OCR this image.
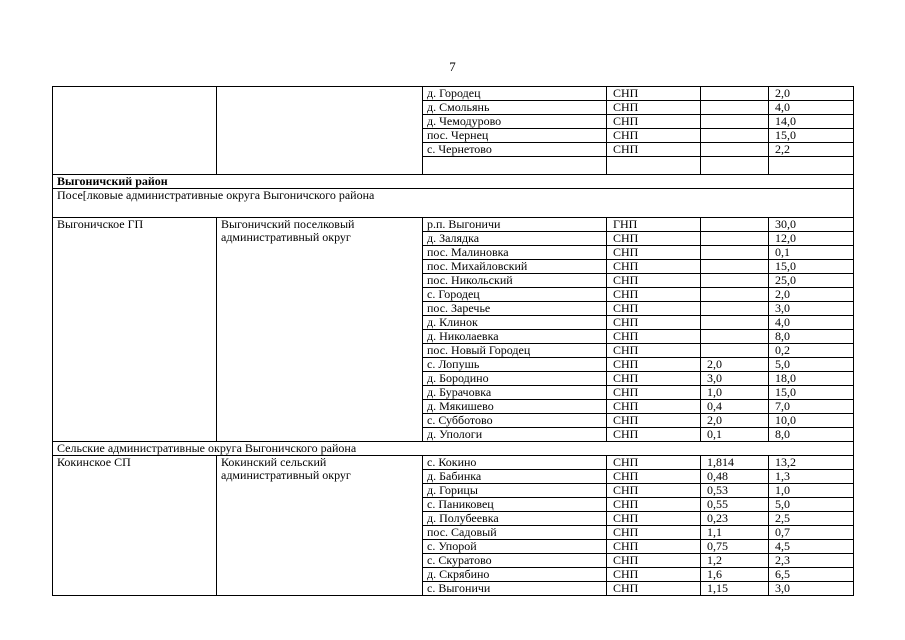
7
		д. Городец	СНП		2,0
		д. Смольянь	СНП		4,0
		д. Чемодурово	СНП		14,0
		пос. Чернец	СНП		15,0
		с. Чернетово	СНП		2,2

Выгоничский район					
Посе[лковые административные округа Выгоничского района					
Выгоничское ГП	Выгоничский поселковый административный округ	р.п. Выгоничи	ГНП		30,0
		д. Залядка	СНП		12,0
		пос. Малиновка	СНП		0,1
		пос. Михайловский	СНП		15,0
		пос. Никольский	СНП		25,0
		с. Городец	СНП		2,0
		пос. Заречье	СНП		3,0
		д. Клинок	СНП		4,0
		д. Николаевка	СНП		8,0
		пос. Новый Городец	СНП		0,2
		с. Лопушь	СНП	2,0	5,0
		д. Бородино	СНП	3,0	18,0
		д. Бурачовка	СНП	1,0	15,0
		д. Мякишево	СНП	0,4	7,0
		с. Субботово	СНП	2,0	10,0
		д. Упологи	СНП	0,1	8,0
Сельские административные округа Выгоничского района					
Кокинское СП	Кокинский сельский административный округ	с. Кокино	СНП	1,814	13,2
		д. Бабинка	СНП	0,48	1,3
		д. Горицы	СНП	0,53	1,0
		с. Паниковец	СНП	0,55	5,0
		д. Полубеевка	СНП	0,23	2,5
		пос. Садовый	СНП	1,1	0,7
		с. Упорой	СНП	0,75	4,5
		с. Скуратово	СНП	1,2	2,3
		д. Скрябино	СНП	1,6	6,5
		с. Выгоничи	СНП	1,15	3,0
